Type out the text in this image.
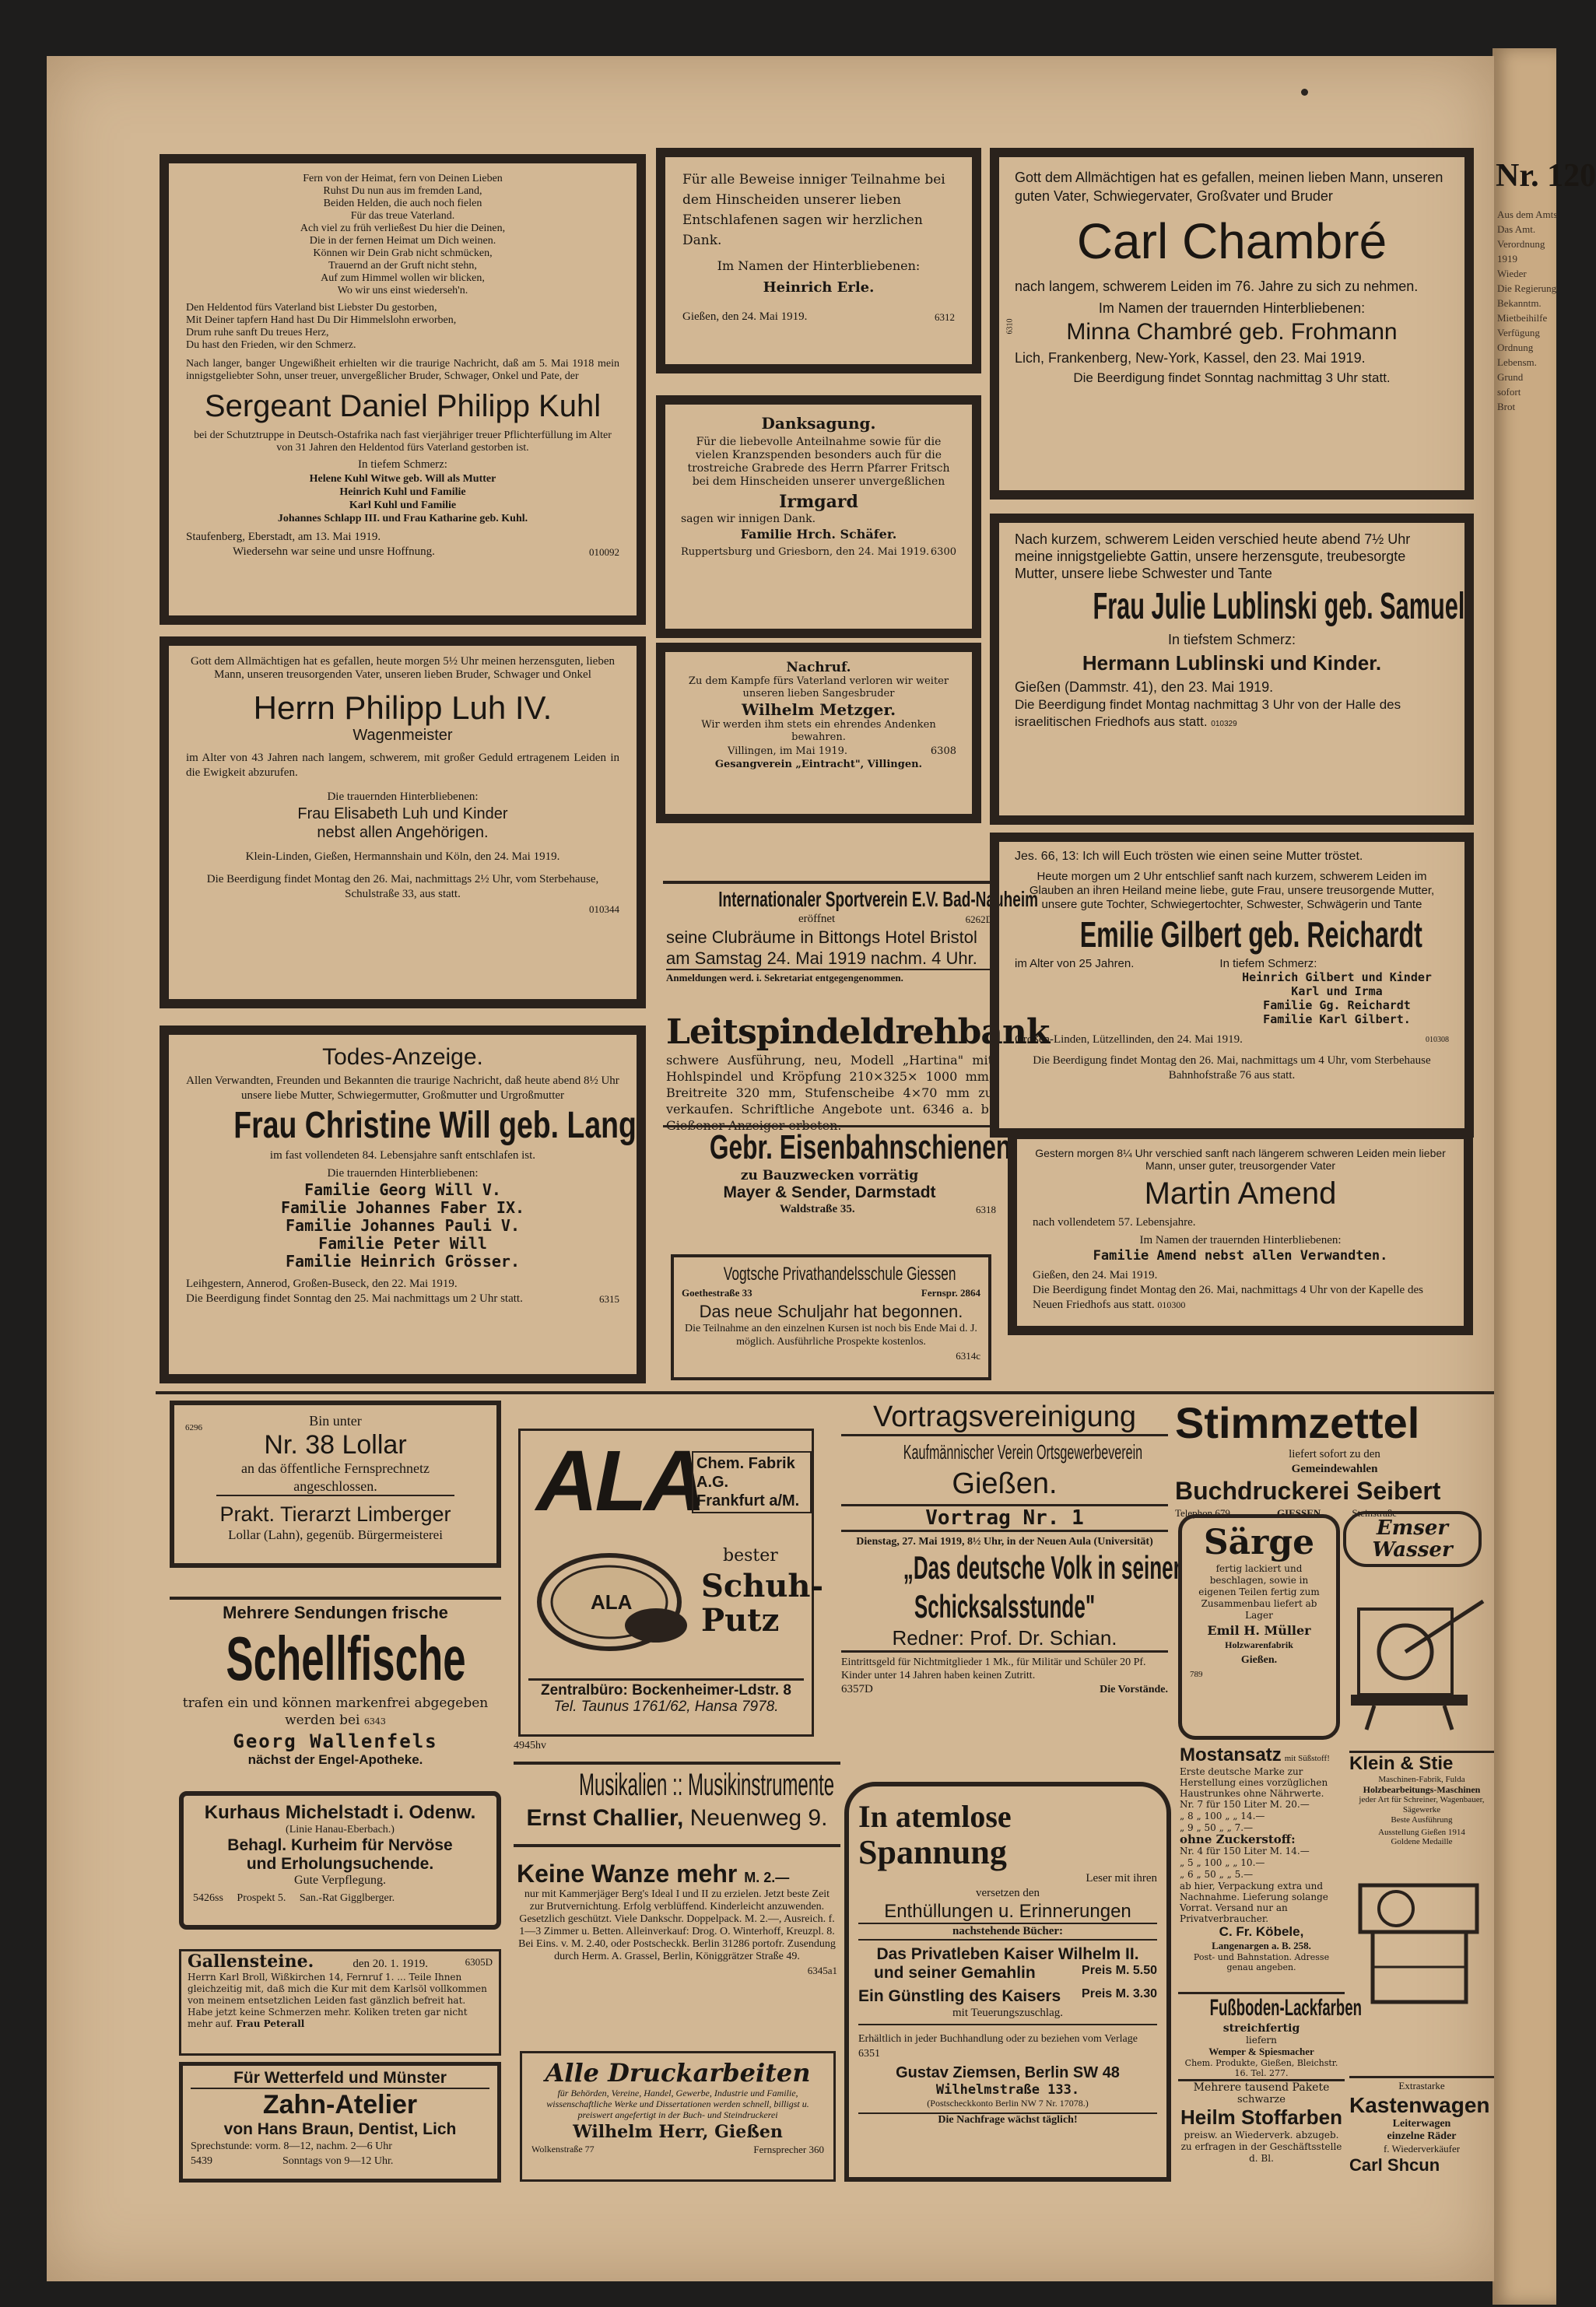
Nr. 120
Aus dem Amts
Das Amt.
Verordnung
1919
Wieder
Die Regierung
Bekanntm.
Mietbeihilfe
Verfügung
Ordnung
Lebensm.
Grund
sofort
Brot
Fern von der Heimat, fern von Deinen Lieben
Ruhst Du nun aus im fremden Land,
Beiden Helden, die auch noch fielen
Für das treue Vaterland.
Ach viel zu früh verließest Du hier die Deinen,
Die in der fernen Heimat um Dich weinen.
Können wir Dein Grab nicht schmücken,
Trauernd an der Gruft nicht stehn,
Auf zum Himmel wollen wir blicken,
Wo wir uns einst wiederseh'n.
Den Heldentod fürs Vaterland bist Liebster Du gestorben,
Mit Deiner tapfern Hand hast Du Dir Himmelslohn erworben,
Drum ruhe sanft Du treues Herz,
Du hast den Frieden, wir den Schmerz.

Nach langer, banger Ungewißheit erhielten wir die traurige Nachricht, daß am 5. Mai 1918 mein innigstgeliebter Sohn, unser treuer, unvergeßlicher Bruder, Schwager, Onkel und Pate, der

Sergeant Daniel Philipp Kuhl

bei der Schutztruppe in Deutsch-Ostafrika nach fast vierjähriger treuer Pflichterfüllung im Alter von 31 Jahren den Heldentod fürs Vaterland gestorben ist.

In tiefem Schmerz:
Helene Kuhl Witwe geb. Will als Mutter
Heinrich Kuhl und Familie
Karl Kuhl und Familie
Johannes Schlapp III. und Frau Katharine geb. Kuhl.
Staufenberg, Eberstadt, am 13. Mai 1919.
Wiedersehn war seine und unsre Hoffnung.	010092

Gott dem Allmächtigen hat es gefallen, heute morgen 5½ Uhr meinen herzensguten, lieben Mann, unseren treusorgenden Vater, unseren lieben Bruder, Schwager und Onkel

Herrn Philipp Luh IV.
Wagenmeister

im Alter von 43 Jahren nach langem, schwerem, mit großer Geduld ertragenem Leiden in die Ewigkeit abzurufen.

Die trauernden Hinterbliebenen:
Frau Elisabeth Luh und Kinder
nebst allen Angehörigen.
Klein-Linden, Gießen, Hermannshain und Köln, den 24. Mai 1919.

Die Beerdigung findet Montag den 26. Mai, nachmittags 2½ Uhr, vom Sterbehause, Schulstraße 33, aus statt.

010344
Todes-Anzeige.

Allen Verwandten, Freunden und Bekannten die traurige Nachricht, daß heute abend 8½ Uhr unsere liebe Mutter, Schwiegermutter, Großmutter und Urgroßmutter

Frau Christine Will geb. Lang
im fast vollendeten 84. Lebensjahre sanft entschlafen ist.
Die trauernden Hinterbliebenen:
Familie Georg Will V.
Familie Johannes Faber IX.
Familie Johannes Pauli V.
Familie Peter Will
Familie Heinrich Grösser.
Leihgestern, Annerod, Großen-Buseck, den 22. Mai 1919.

Die Beerdigung findet Sonntag den 25. Mai nachmittags um 2 Uhr statt.	6315

Für alle Beweise inniger Teilnahme bei dem Hinscheiden unserer lieben Entschlafenen sagen wir herzlichen Dank.

Im Namen der Hinterbliebenen:
Heinrich Erle.
Gießen, den 24. Mai 1919.	6312
Danksagung.

Für die liebevolle Anteilnahme sowie für die vielen Kranzspenden besonders auch für die trostreiche Grabrede des Herrn Pfarrer Fritsch bei dem Hinscheiden unserer unvergeßlichen

Irmgard
sagen wir innigen Dank.
Familie Hrch. Schäfer.
Ruppertsburg und Griesborn, den 24. Mai 1919. 6300
Nachruf.

Zu dem Kampfe fürs Vaterland verloren wir weiter unseren lieben Sangesbruder

Wilhelm Metzger.

Wir werden ihm stets ein ehrendes Andenken bewahren.

Villingen, im Mai 1919.	6308
Gesangverein „Eintracht", Villingen.
Internationaler Sportverein E.V. Bad-Nauheim
eröffnet	6262D
seine Clubräume in Bittongs Hotel Bristol
am Samstag 24. Mai 1919 nachm. 4 Uhr.
Anmeldungen werd. i. Sekretariat entgegengenommen.
Leitspindeldrehbank

schwere Ausführung, neu, Modell „Hartina" mit Hohlspindel und Kröpfung 210×325× 1000 mm, Breitreite 320 mm, Stufenscheibe 4×70 mm zu verkaufen. Schriftliche Angebote unt. 6346 a. b. Gießener Anzeiger erbeten.

Gebr. Eisenbahnschienen
zu Bauzwecken vorrätig
Mayer & Sender, Darmstadt
Waldstraße 35.	6318
Vogtsche Privathandelsschule Giessen
Goethestraße 33	Fernspr. 2864
Das neue Schuljahr hat begonnen.

Die Teilnahme an den einzelnen Kursen ist noch bis Ende Mai d. J. möglich. Ausführliche Prospekte kostenlos.

6314c

Gott dem Allmächtigen hat es gefallen, meinen lieben Mann, unseren guten Vater, Schwiegervater, Großvater und Bruder

Carl Chambré

nach langem, schwerem Leiden im 76. Jahre zu sich zu nehmen.

Im Namen der trauernden Hinterbliebenen:
Minna Chambré geb. Frohmann
Lich, Frankenberg, New-York, Kassel, den 23. Mai 1919.
Die Beerdigung findet Sonntag nachmittag 3 Uhr statt.
6310

Nach kurzem, schwerem Leiden verschied heute abend 7½ Uhr meine innigstgeliebte Gattin, unsere herzensgute, treubesorgte Mutter, unsere liebe Schwester und Tante

Frau Julie Lublinski geb. Samuel
In tiefstem Schmerz:
Hermann Lublinski und Kinder.
Gießen (Dammstr. 41), den 23. Mai 1919.

Die Beerdigung findet Montag nachmittag 3 Uhr von der Halle des israelitischen Friedhofs aus statt. 010329

Jes. 66, 13: Ich will Euch trösten wie einen seine Mutter tröstet.

Heute morgen um 2 Uhr entschlief sanft nach kurzem, schwerem Leiden im Glauben an ihren Heiland meine liebe, gute Frau, unsere treusorgende Mutter, unsere gute Tochter, Schwiegertochter, Schwester, Schwägerin und Tante

Emilie Gilbert geb. Reichardt
im Alter von 25 Jahren.	In tiefem Schmerz:
Heinrich Gilbert und Kinder
Karl und Irma
Familie Gg. Reichardt
Familie Karl Gilbert.
Großen-Linden, Lützellinden, den 24. Mai 1919.	010308

Die Beerdigung findet Montag den 26. Mai, nachmittags um 4 Uhr, vom Sterbehause Bahnhofstraße 76 aus statt.

Gestern morgen 8¼ Uhr verschied sanft nach längerem schweren Leiden mein lieber Mann, unser guter, treusorgender Vater

Martin Amend
nach vollendetem 57. Lebensjahre.
Im Namen der trauernden Hinterbliebenen:
Familie Amend nebst allen Verwandten.
Gießen, den 24. Mai 1919.

Die Beerdigung findet Montag den 26. Mai, nachmittags 4 Uhr von der Kapelle des Neuen Friedhofs aus statt. 010300

6296	Bin unter
Nr. 38 Lollar
an das öffentliche Fernsprechnetz
angeschlossen.
Prakt. Tierarzt Limberger
Lollar (Lahn), gegenüb. Bürgermeisterei
Mehrere Sendungen frische
Schellfische

trafen ein und können markenfrei abgegeben werden bei 6343

Georg Wallenfels
nächst der Engel-Apotheke.
Kurhaus Michelstadt i. Odenw.
(Linie Hanau-Eberbach.)
Behagl. Kurheim für Nervöse
und Erholungsuchende.
Gute Verpflegung.
5426ss Prospekt 5. San.-Rat Gigglberger.
Gallensteine.	den 20. 1. 1919.	6305D

Herrn Karl Broll, Wißkirchen 14, Fernruf 1. ... Teile Ihnen gleichzeitig mit, daß mich die Kur mit dem Karlsöl vollkommen von meinem entsetzlichen Leiden fast gänzlich befreit hat. Habe jetzt keine Schmerzen mehr. Koliken treten gar nicht mehr auf. Frau Peterall

Für Wetterfeld und Münster
Zahn-Atelier
von Hans Braun, Dentist, Lich
Sprechstunde: vorm. 8—12, nachm. 2—6 Uhr
5439	Sonntags von 9—12 Uhr.
ALA
Chem. Fabrik A.G.
Frankfurt a/M.
ALA
bester
Schuh-Putz
Zentralbüro: Bockenheimer-Ldstr. 8
Tel. Taunus 1761/62, Hansa 7978.
4945hv
Musikalien :: Musikinstrumente
Ernst Challier, Neuenweg 9.
Keine Wanze mehr M. 2.—

nur mit Kammerjäger Berg's Ideal I und II zu erzielen. Jetzt beste Zeit zur Brutvernichtung. Erfolg verblüffend. Kinderleicht anzuwenden. Gesetzlich geschützt. Viele Dankschr. Doppelpack. M. 2.—, Ausreich. f. 1—3 Zimmer u. Betten. Alleinverkauf: Drog. O. Winterhoff, Kreuzpl. 8. Bei Eins. v. M. 2.40, oder Postscheckk. Berlin 31286 portofr. Zusendung durch Herm. A. Grassel, Berlin, Königgrätzer Straße 49.

6345a1
Alle Druckarbeiten

für Behörden, Vereine, Handel, Gewerbe, Industrie und Familie, wissenschaftliche Werke und Dissertationen werden schnell, billigst u. preiswert angefertigt in der Buch- und Steindruckerei

Wilhelm Herr, Gießen
Wolkenstraße 77	Fernsprecher 360
Vortragsvereinigung
Kaufmännischer Verein Ortsgewerbeverein
Gießen.
Vortrag Nr. 1

Dienstag, 27. Mai 1919, 8½ Uhr, in der Neuen Aula (Universität)

„Das deutsche Volk in seiner
Schicksalsstunde"
Redner: Prof. Dr. Schian.

Eintrittsgeld für Nichtmitglieder 1 Mk., für Militär und Schüler 20 Pf. Kinder unter 14 Jahren haben keinen Zutritt.

6357D	Die Vorstände.
In atemlose Spannung
Leser mit ihren
versetzen den
Enthüllungen u. Erinnerungen
nachstehende Bücher:
Das Privatleben Kaiser Wilhelm II.
und seiner Gemahlin	Preis M. 5.50
Ein Günstling des Kaisers Preis M. 3.30
mit Teuerungszuschlag.
Erhältlich in jeder Buchhandlung oder zu beziehen vom Verlage 6351
Gustav Ziemsen, Berlin SW 48
Wilhelmstraße 133.
(Postscheckkonto Berlin NW 7 Nr. 17078.)
Die Nachfrage wächst täglich!
Stimmzettel
liefert sofort zu den
Gemeindewahlen
Buchdruckerei Seibert
Telephon 679	GIESSEN	Steinstraße
Särge

fertig lackiert und beschlagen, sowie in eigenen Teilen fertig zum Zusammenbau liefert ab Lager

Emil H. Müller
Holzwarenfabrik
Gießen.
789
Emser Wasser
Mostansatz mit Süßstoff!

Erste deutsche Marke zur Herstellung eines vorzüglichen Haustrunkes ohne Nährwerte.

Nr. 7 für 150 Liter M. 20.—
„ 8 „ 100 „ „ 14.—
„ 9 „ 50 „ „ 7.—
ohne Zuckerstoff:
Nr. 4 für 150 Liter M. 14.—
„ 5 „ 100 „ „ 10.—
„ 6 „ 50 „ „ 5.—

ab hier, Verpackung extra und Nachnahme. Lieferung solange Vorrat. Versand nur an Privatverbraucher.

C. Fr. Köbele,
Langenargen a. B. 258.
Post- und Bahnstation. Adresse genau angeben.
Fußboden-Lackfarben
streichfertig
liefern
Wemper & Spiesmacher
Chem. Produkte, Gießen, Bleichstr. 16. Tel. 277.
Mehrere tausend Pakete
schwarze
Heilm Stoffarben

preisw. an Wiederverk. abzugeb. zu erfragen in der Geschäftsstelle d. Bl.

Klein & Stie
Maschinen-Fabrik, Fulda
Holzbearbeitungs-Maschinen
jeder Art für Schreiner, Wagenbauer, Sägewerke
Beste Ausführung
Ausstellung Gießen 1914
Goldene Medaille
Extrastarke
Kastenwagen
Leiterwagen
einzelne Räder
f. Wiederverkäufer
Carl Shcun
